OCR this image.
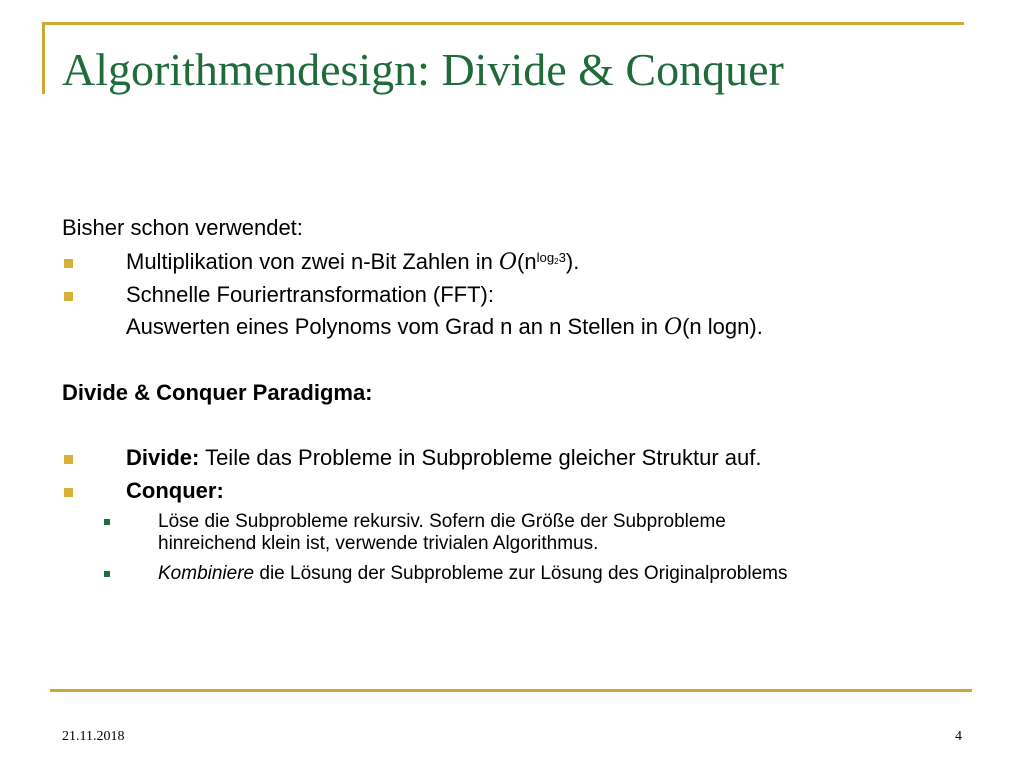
Algorithmendesign: Divide & Conquer
Bisher schon verwendet:
Multiplikation von zwei n-Bit Zahlen in $O(n^{log_23})$.
Schnelle Fouriertransformation (FFT):
Auswerten eines Polynoms vom Grad n an n Stellen in O(n logn).
Divide & Conquer Paradigma:
Divide: Teile das Probleme in Subprobleme gleicher Struktur auf.
Conquer:
Löse die Subprobleme rekursiv. Sofern die Größe der Subprobleme
hinreichend klein ist, verwende trivialen Algorithmus.
Kombiniere die Lösung der Subprobleme zur Lösung des Originalproblems
21.11.2018	4
